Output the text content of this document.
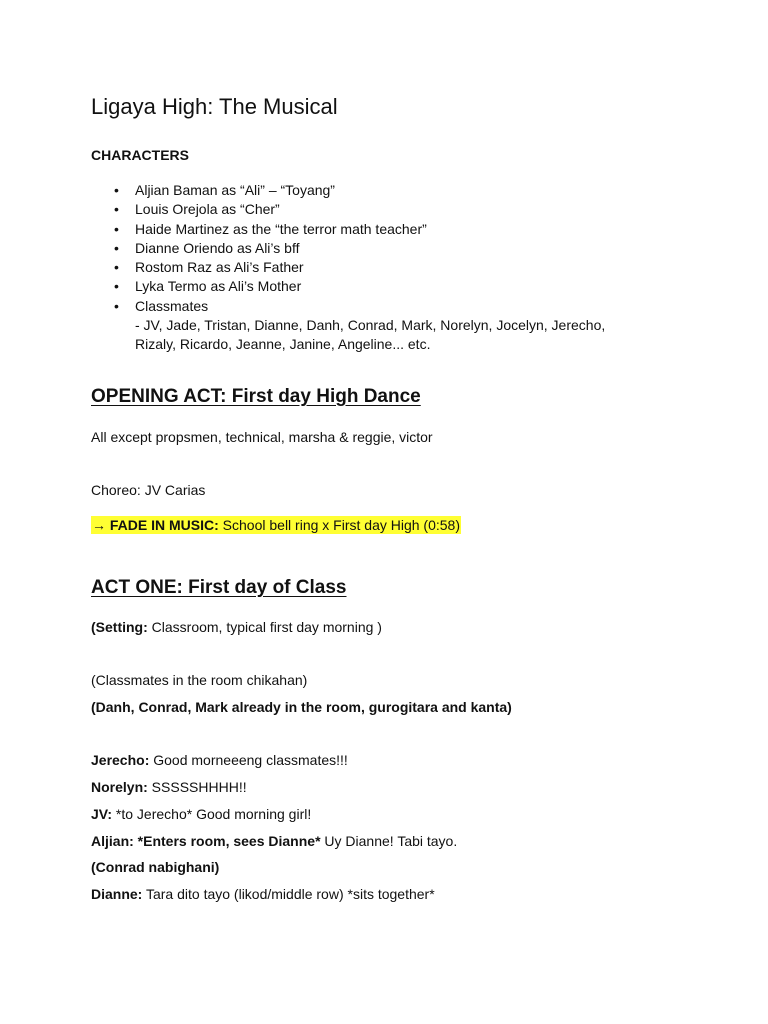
Ligaya High: The Musical
CHARACTERS
• Aljian Baman as “Ali” – “Toyang”
• Louis Orejola as “Cher”
• Haide Martinez as the “the terror math teacher”
• Dianne Oriendo as Ali’s bff
• Rostom Raz as Ali’s Father
• Lyka Termo as Ali’s Mother
• Classmates
- JV, Jade, Tristan, Dianne, Danh, Conrad, Mark, Norelyn, Jocelyn, Jerecho,
Rizaly, Ricardo, Jeanne, Janine, Angeline... etc.
OPENING ACT: First day High Dance
All except propsmen, technical, marsha & reggie, victor
Choreo: JV Carias
→ FADE IN MUSIC: School bell ring x First day High (0:58)
ACT ONE: First day of Class
(Setting: Classroom, typical first day morning )
(Classmates in the room chikahan)
(Danh, Conrad, Mark already in the room, gurogitara and kanta)
Jerecho: Good morneeeng classmates!!!
Norelyn: SSSSSHHHH!!
JV: *to Jerecho* Good morning girl!
Aljian: *Enters room, sees Dianne* Uy Dianne! Tabi tayo.
(Conrad nabighani)
Dianne: Tara dito tayo (likod/middle row) *sits together*
